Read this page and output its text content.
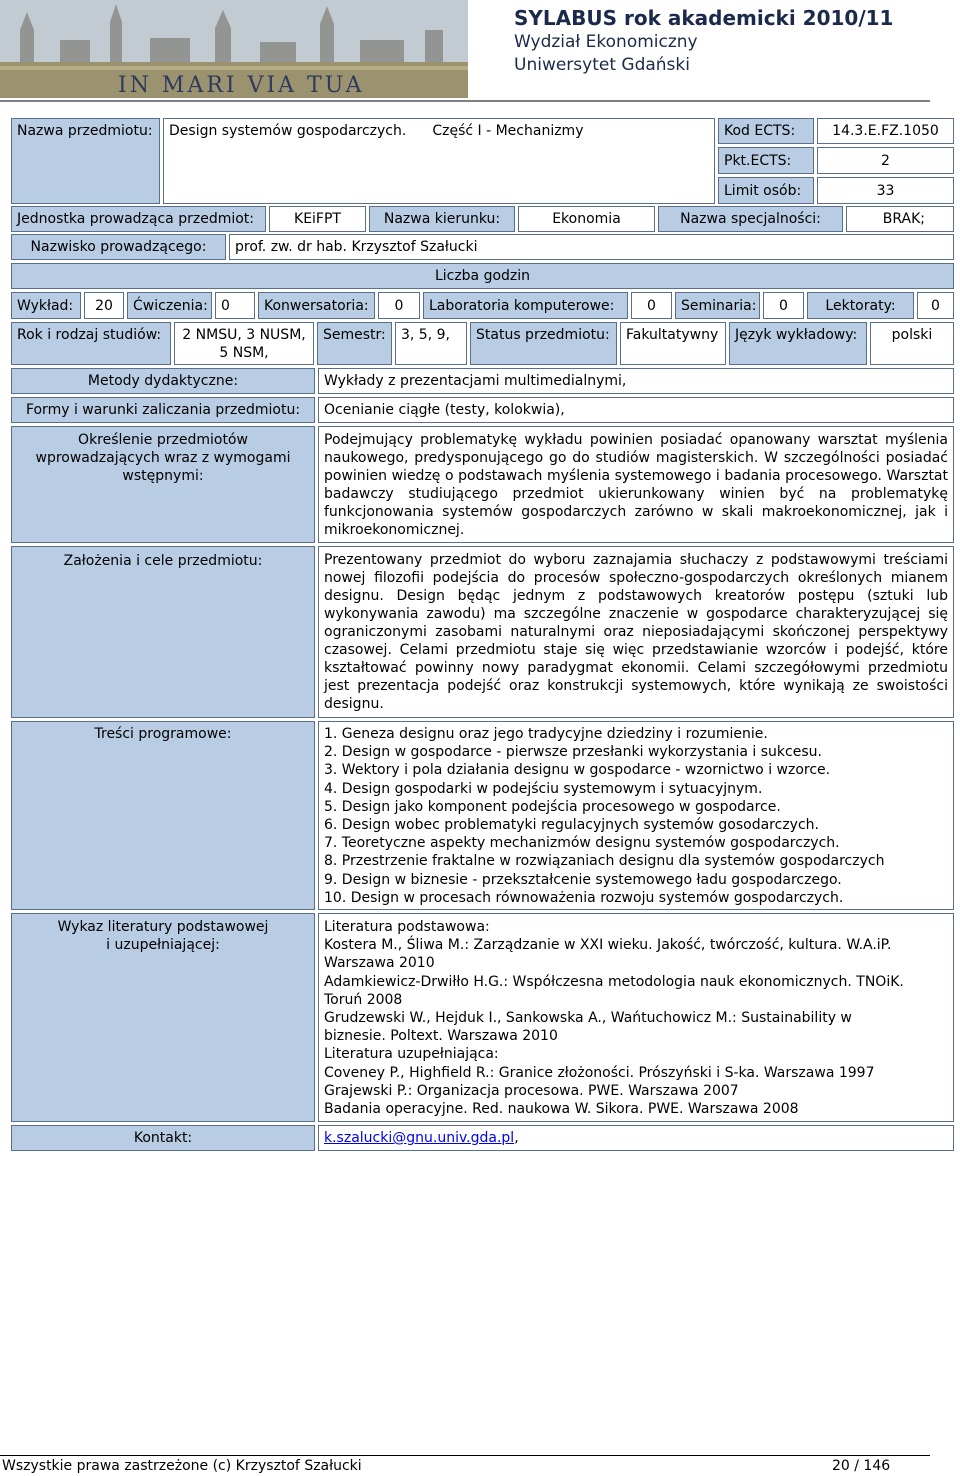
IN MARI VIA TUA
SYLABUS rok akademicki 2010/11
Wydział Ekonomiczny
Uniwersytet Gdański
Nazwa przedmiotu:	Design systemów gospodarczych. Część I - Mechanizmy	Kod ECTS:	14.3.E.FZ.1050
Pkt.ECTS:	2
Limit osób:	33
Jednostka prowadząca przedmiot:	KEiFPT	Nazwa kierunku:	Ekonomia	Nazwa specjalności:	BRAK;
Nazwisko prowadzącego:	prof. zw. dr hab. Krzysztof Szałucki
Liczba godzin
Wykład:	20	Ćwiczenia: 0	Konwersatoria:	0	Laboratoria komputerowe:	0	Seminaria:	0	Lektoraty:	0
Rok i rodzaj studiów:	2 NMSU, 3 NUSM, 5 NSM,
Semestr:	3, 5, 9,	Status przedmiotu:	Fakultatywny	Język wykładowy:	polski
Metody dydaktyczne:	Wykłady z prezentacjami multimedialnymi,
Formy i warunki zaliczania przedmiotu:	Ocenianie ciągłe (testy, kolokwia),
Określenie przedmiotów wprowadzających wraz z wymogami wstępnymi:
Podejmujący problematykę wykładu powinien posiadać opanowany warsztat myślenia naukowego, predysponującego go do studiów magisterskich. W szczególności posiadać powinien wiedzę o podstawach myślenia systemowego i badania procesowego. Warsztat badawczy studiującego przedmiot ukierunkowany winien być na problematykę funkcjonowania systemów gospodarczych zarówno w skali makroekonomicznej, jak i mikroekonomicznej.
Założenia i cele przedmiotu:	Prezentowany przedmiot do wyboru zaznajamia słuchaczy z podstawowymi treściami nowej filozofii podejścia do procesów społeczno-gospodarczych określonych mianem designu. Design będąc jednym z podstawowych kreatorów postępu (sztuki lub wykonywania zawodu) ma szczególne znaczenie w gospodarce charakteryzującej się ograniczonymi zasobami naturalnymi oraz nieposiadającymi skończonej perspektywy czasowej. Celami przedmiotu staje się więc przedstawianie wzorców i podejść, które kształtować powinny nowy paradygmat ekonomii. Celami szczegółowymi przedmiotu jest prezentacja podejść oraz konstrukcji systemowych, które wynikają ze swoistości designu.
Treści programowe:	1. Geneza designu oraz jego tradycyjne dziedziny i rozumienie.
2. Design w gospodarce - pierwsze przesłanki wykorzystania i sukcesu.
3. Wektory i pola działania designu w gospodarce - wzornictwo i wzorce.
4. Design gospodarki w podejściu systemowym i sytuacyjnym.
5. Design jako komponent podejścia procesowego w gospodarce.
6. Design wobec problematyki regulacyjnych systemów gosodarczych.
7. Teoretyczne aspekty mechanizmów designu systemów gospodarczych.
8. Przestrzenie fraktalne w rozwiązaniach designu dla systemów gospodarczych
9. Design w biznesie - przekształcenie systemowego ładu gospodarczego.
10. Design w procesach równoważenia rozwoju systemów gospodarczych.
Wykaz literatury podstawowej i uzupełniającej:
Literatura podstawowa:
Kostera M., Śliwa M.: Zarządzanie w XXI wieku. Jakość, twórczość, kultura. W.A.iP.
Warszawa 2010
Adamkiewicz-Drwiłło H.G.: Współczesna metodologia nauk ekonomicznych. TNOiK.
Toruń 2008
Grudzewski W., Hejduk I., Sankowska A., Wańtuchowicz M.: Sustainability w
biznesie. Poltext. Warszawa 2010
Literatura uzupełniająca:
Coveney P., Highfield R.: Granice złożoności. Prószyński i S-ka. Warszawa 1997
Grajewski P.: Organizacja procesowa. PWE. Warszawa 2007
Badania operacyjne. Red. naukowa W. Sikora. PWE. Warszawa 2008
Kontakt:	k.szalucki@gnu.univ.gda.pl ,
Wszystkie prawa zastrzeżone (c) Krzysztof Szałucki	20 / 146
